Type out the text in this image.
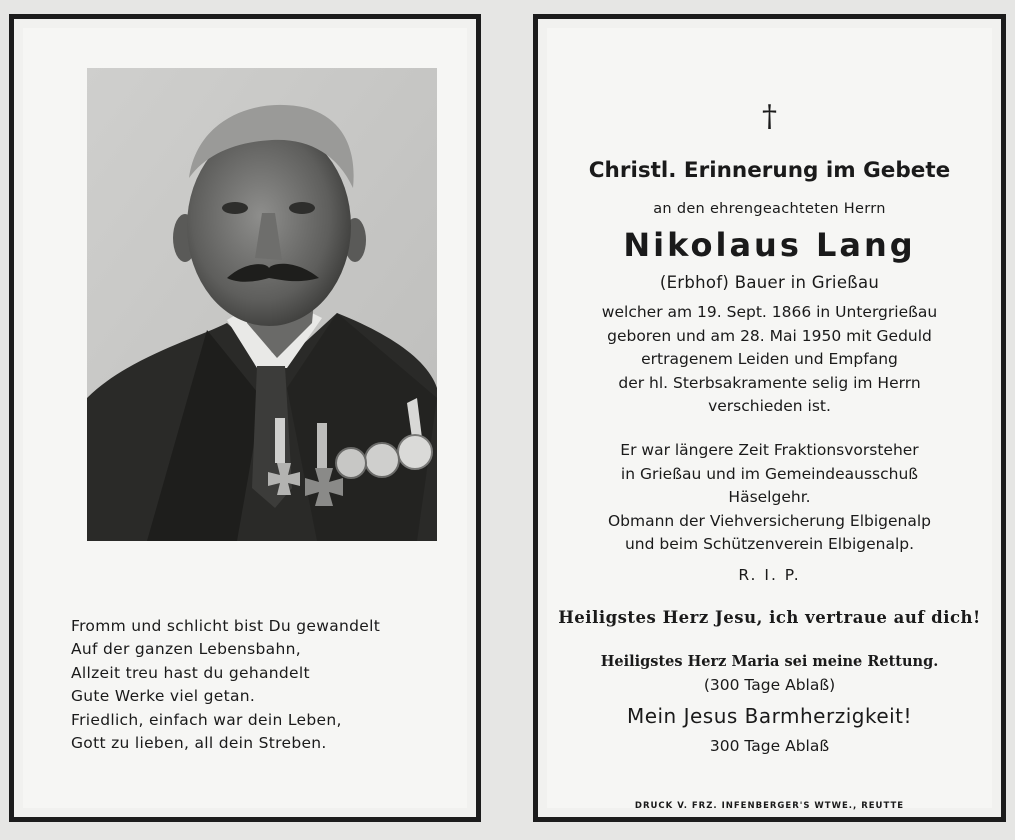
Fromm und schlicht bist Du gewandelt
Auf der ganzen Lebensbahn,
Allzeit treu hast du gehandelt
Gute Werke viel getan.
Friedlich, einfach war dein Leben,
Gott zu lieben, all dein Streben.
†
Christl. Erinnerung im Gebete
an den ehrengeachteten Herrn
Nikolaus Lang
(Erbhof) Bauer in Grießau
welcher am 19. Sept. 1866 in Untergrießau
geboren und am 28. Mai 1950 mit Geduld
ertragenem Leiden und Empfang
der hl. Sterbsakramente selig im Herrn
verschieden ist.
Er war längere Zeit Fraktionsvorsteher
in Grießau und im Gemeindeausschuß
Häselgehr.
Obmann der Viehversicherung Elbigenalp
und beim Schützenverein Elbigenalp.
R. I. P.
Heiligstes Herz Jesu, ich vertraue auf dich!
Heiligstes Herz Maria sei meine Rettung.
(300 Tage Ablaß)
Mein Jesus Barmherzigkeit!
300 Tage Ablaß
DRUCK V. FRZ. INFENBERGER'S WTWE., REUTTE
